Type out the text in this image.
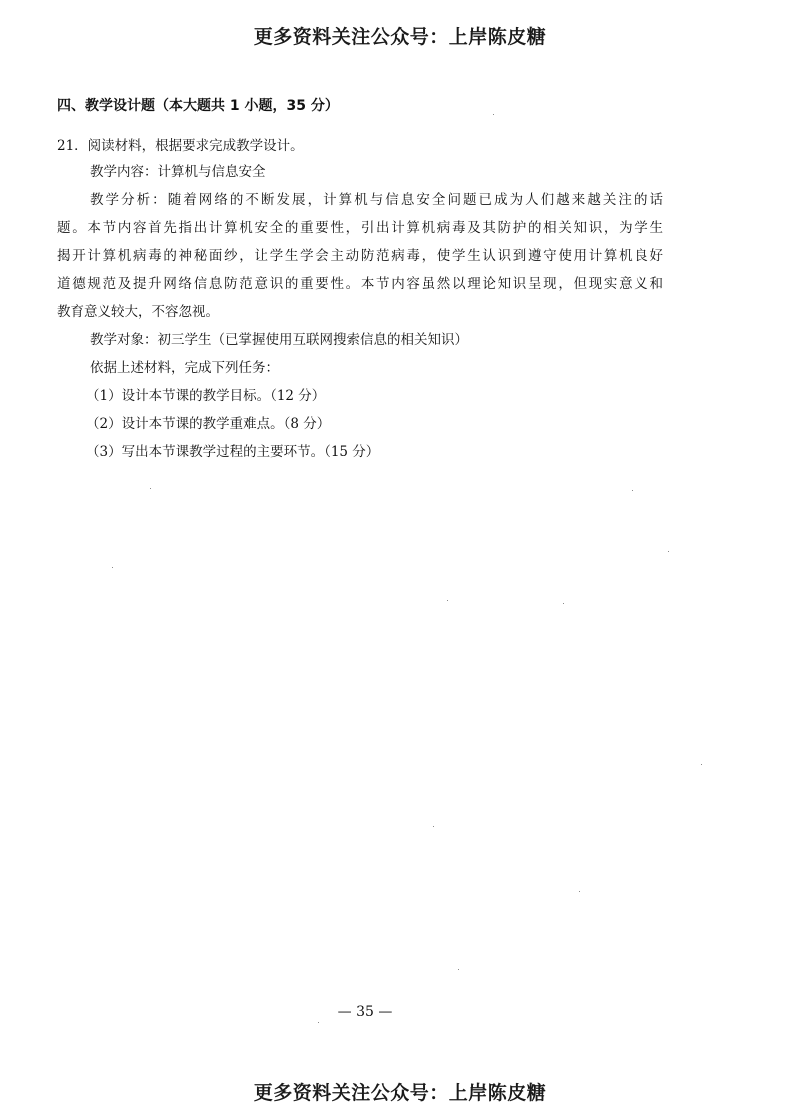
更多资料关注公众号：上岸陈皮糖
四、教学设计题（本大题共 1 小题，35 分）
21．阅读材料，根据要求完成教学设计。
教学内容：计算机与信息安全
教学分析：随着网络的不断发展，计算机与信息安全问题已成为人们越来越关注的话
题。本节内容首先指出计算机安全的重要性，引出计算机病毒及其防护的相关知识，为学生
揭开计算机病毒的神秘面纱，让学生学会主动防范病毒，使学生认识到遵守使用计算机良好
道德规范及提升网络信息防范意识的重要性。本节内容虽然以理论知识呈现，但现实意义和
教育意义较大，不容忽视。
教学对象：初三学生（已掌握使用互联网搜索信息的相关知识）
依据上述材料，完成下列任务：
（1）设计本节课的教学目标。（12 分）
（2）设计本节课的教学重难点。（8 分）
（3）写出本节课教学过程的主要环节。（15 分）
— 35 —
更多资料关注公众号：上岸陈皮糖
